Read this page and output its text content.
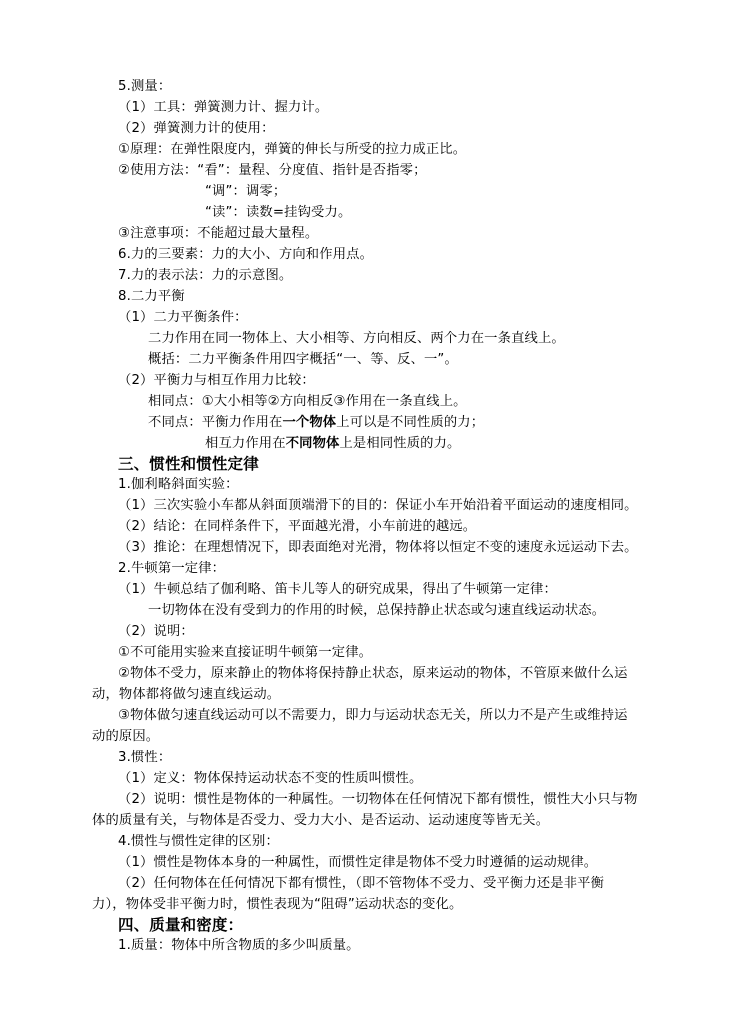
5.测量：
（1）工具：弹簧测力计、握力计。
（2）弹簧测力计的使用：
①原理：在弹性限度内，弹簧的伸长与所受的拉力成正比。
②使用方法：“看”：量程、分度值、指针是否指零；
“调”：调零；
“读”：读数=挂钩受力。
③注意事项：不能超过最大量程。
6.力的三要素：力的大小、方向和作用点。
7.力的表示法：力的示意图。
8.二力平衡
（1）二力平衡条件：
二力作用在同一物体上、大小相等、方向相反、两个力在一条直线上。
概括：二力平衡条件用四字概括“一、等、反、一”。
（2）平衡力与相互作用力比较：
相同点：①大小相等②方向相反③作用在一条直线上。
不同点：平衡力作用在一个物体上可以是不同性质的力；
相互力作用在不同物体上是相同性质的力。
三、惯性和惯性定律
1.伽利略斜面实验：
（1）三次实验小车都从斜面顶端滑下的目的：保证小车开始沿着平面运动的速度相同。
（2）结论：在同样条件下，平面越光滑，小车前进的越远。
（3）推论：在理想情况下，即表面绝对光滑，物体将以恒定不变的速度永远运动下去。
2.牛顿第一定律：
（1）牛顿总结了伽利略、笛卡儿等人的研究成果，得出了牛顿第一定律：
一切物体在没有受到力的作用的时候，总保持静止状态或匀速直线运动状态。
（2）说明：
①不可能用实验来直接证明牛顿第一定律。
②物体不受力，原来静止的物体将保持静止状态，原来运动的物体，不管原来做什么运
动，物体都将做匀速直线运动。
③物体做匀速直线运动可以不需要力，即力与运动状态无关，所以力不是产生或维持运
动的原因。
3.惯性：
（1）定义：物体保持运动状态不变的性质叫惯性。
（2）说明：惯性是物体的一种属性。一切物体在任何情况下都有惯性，惯性大小只与物
体的质量有关，与物体是否受力、受力大小、是否运动、运动速度等皆无关。
4.惯性与惯性定律的区别：
（1）惯性是物体本身的一种属性，而惯性定律是物体不受力时遵循的运动规律。
（2）任何物体在任何情况下都有惯性，（即不管物体不受力、受平衡力还是非平衡
力），物体受非平衡力时，惯性表现为“阻碍”运动状态的变化。
四、质量和密度：
1.质量：物体中所含物质的多少叫质量。
